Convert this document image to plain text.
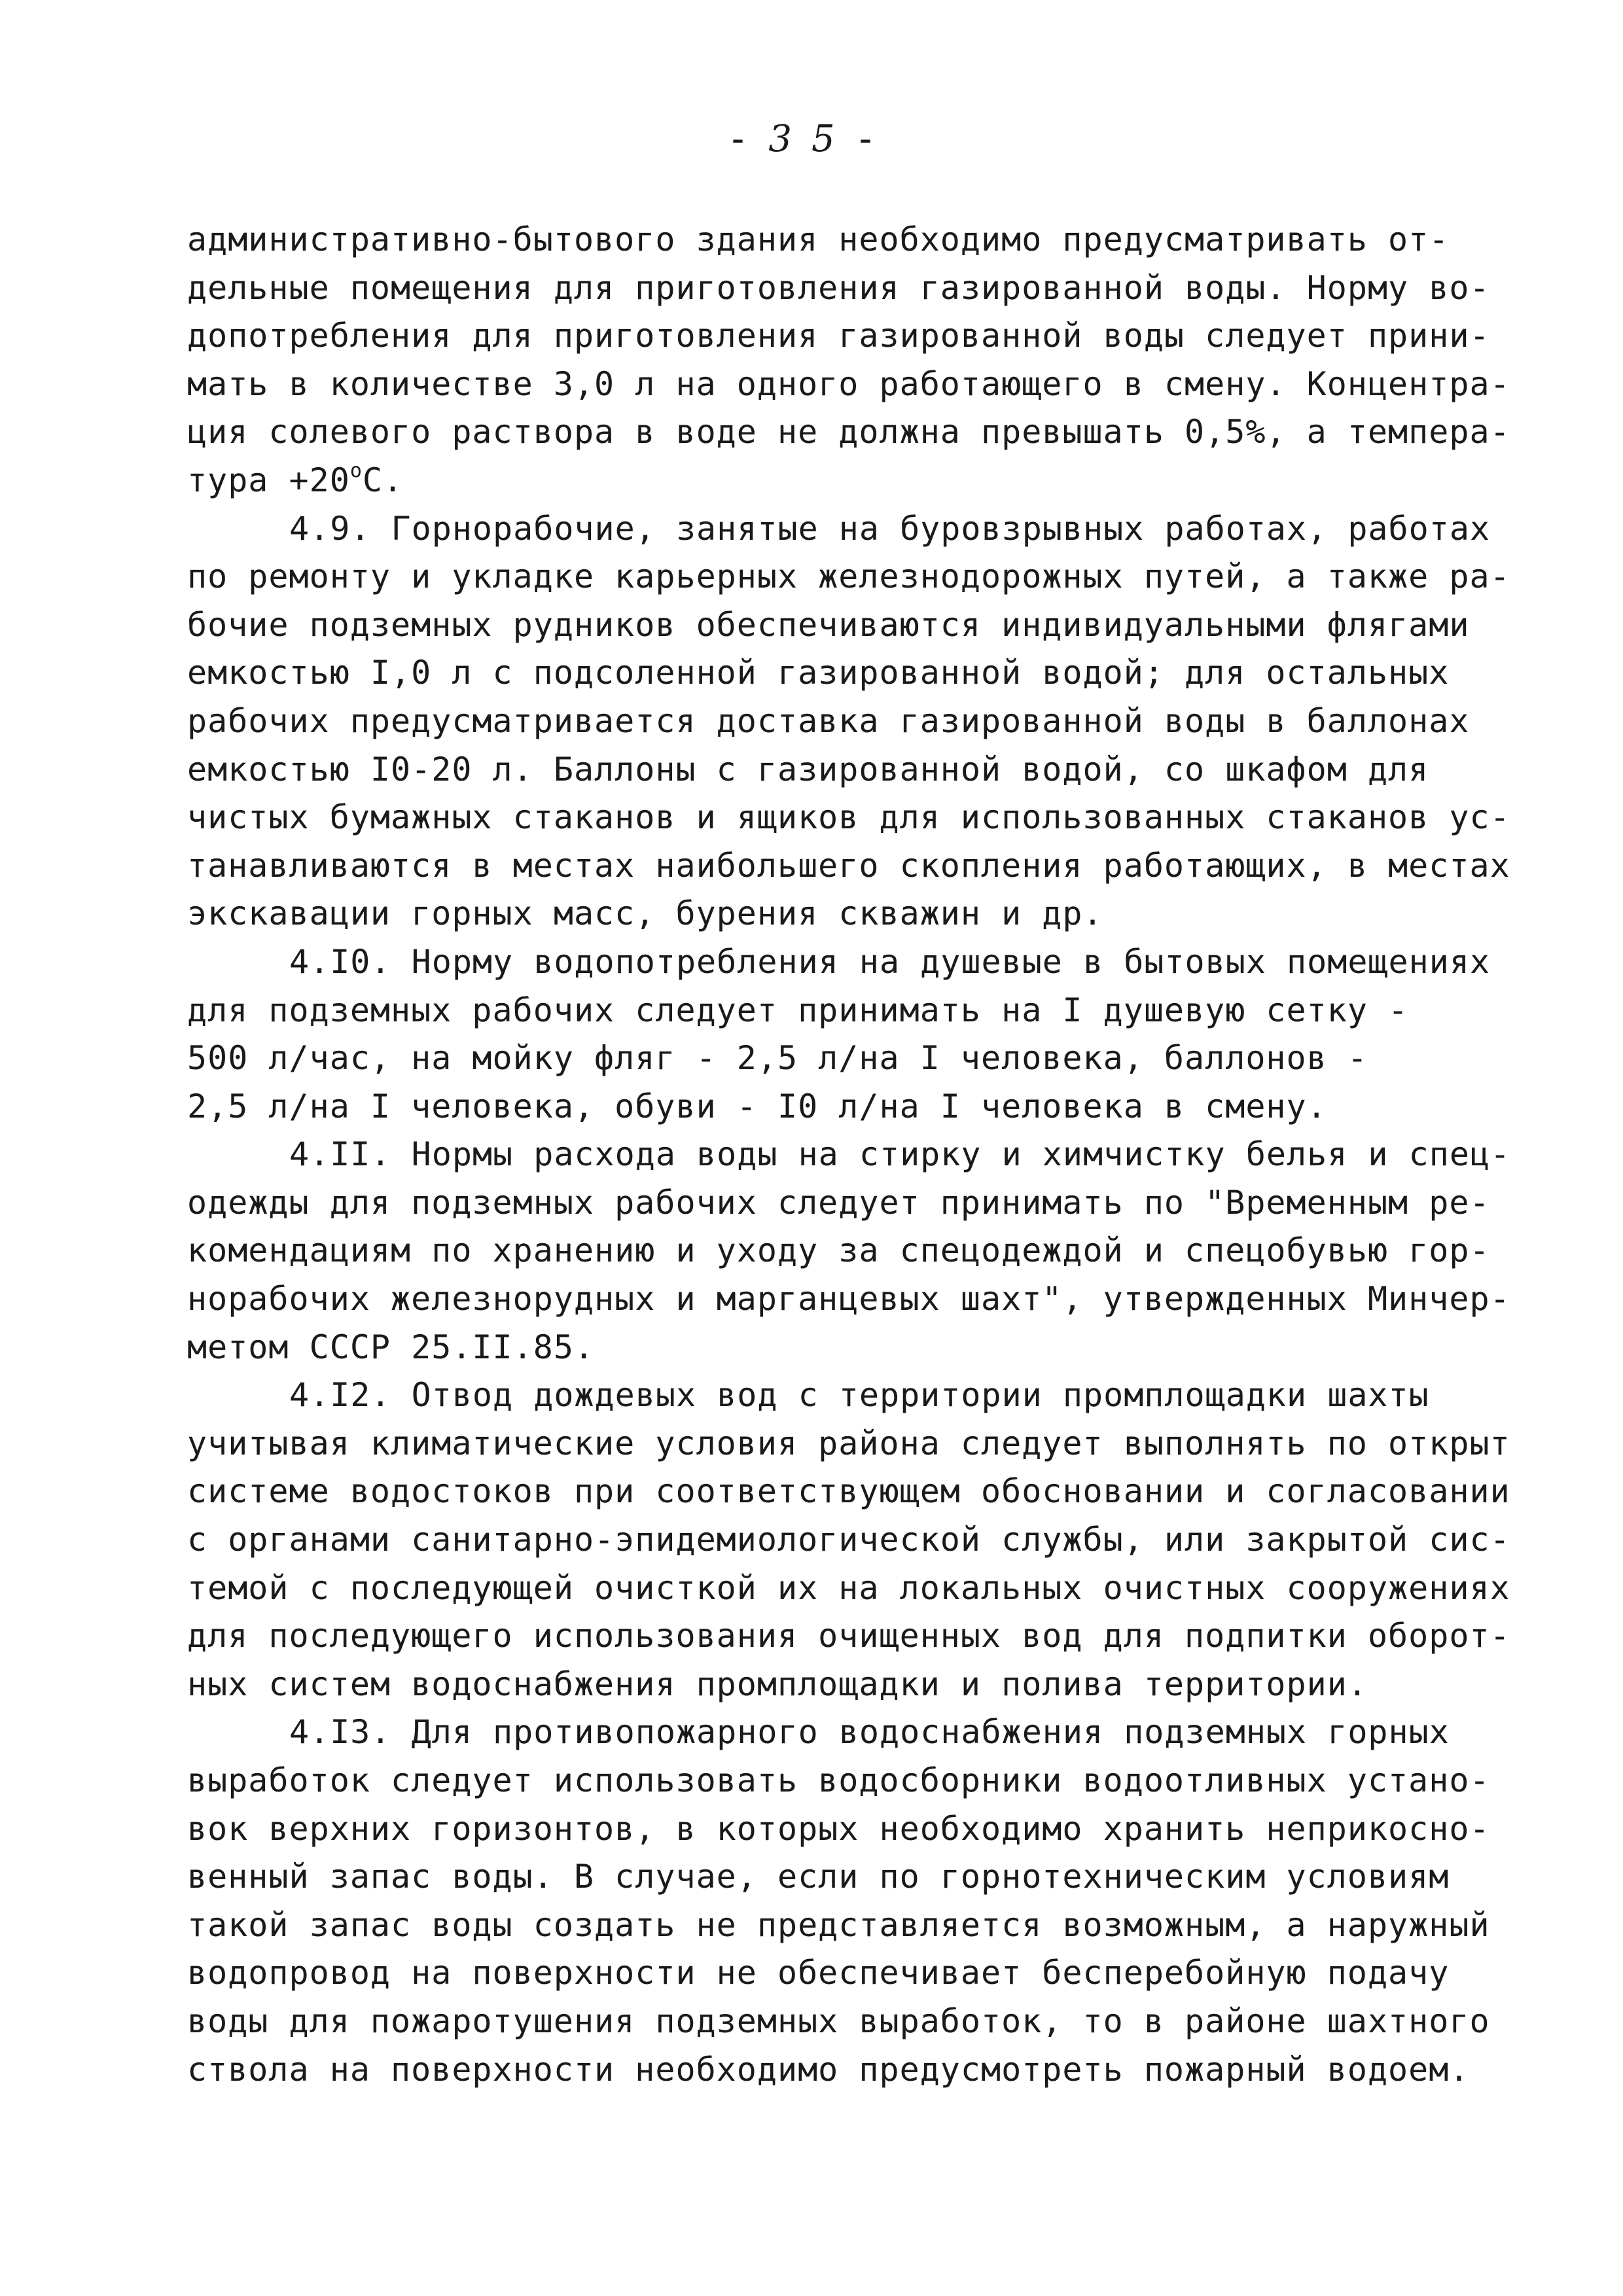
-35-
административно-бытового здания необходимо предусматривать от-
дельные помещения для приготовления газированной воды. Норму во-
допотребления для приготовления газированной воды следует прини-
мать в количестве 3,0 л на одного работающего в смену. Концентра-
ция солевого раствора в воде не должна превышать 0,5%, а темпера-
тура $+20^oС$.
4.9. Горнорабочие, занятые на буровзрывных работах, работах
по ремонту и укладке карьерных железнодорожных путей, а также ра-
бочие подземных рудников обеспечиваются индивидуальными флягами
емкостью I,0 л с подсоленной газированной водой; для остальных
рабочих предусматривается доставка газированной воды в баллонах
емкостью I0-20 л. Баллоны с газированной водой, со шкафом для
чистых бумажных стаканов и ящиков для использованных стаканов ус-
танавливаются в местах наибольшего скопления работающих, в местах
экскавации горных масс, бурения скважин и др.
4.I0. Норму водопотребления на душевые в бытовых помещениях
для подземных рабочих следует принимать на I душевую сетку -
500 л/час, на мойку фляг - 2,5 л/на I человека, баллонов -
2,5 л/на I человека, обуви - I0 л/на I человека в смену.
4.II. Нормы расхода воды на стирку и химчистку белья и спец-
одежды для подземных рабочих следует принимать по "Временным ре-
комендациям по хранению и уходу за спецодеждой и спецобувью гор-
норабочих железнорудных и марганцевых шахт", утвержденных Минчер-
метом СССР 25.II.85.
4.I2. Отвод дождевых вод с территории промплощадки шахты
учитывая климатические условия района следует выполнять по открыт
системе водостоков при соответствующем обосновании и согласовании
с органами санитарно-эпидемиологической службы, или закрытой сис-
темой с последующей очисткой их на локальных очистных сооружениях
для последующего использования очищенных вод для подпитки оборот-
ных систем водоснабжения промплощадки и полива территории.
4.I3. Для противопожарного водоснабжения подземных горных
выработок следует использовать водосборники водоотливных устано-
вок верхних горизонтов, в которых необходимо хранить неприкосно-
венный запас воды. В случае, если по горнотехническим условиям
такой запас воды создать не представляется возможным, а наружный
водопровод на поверхности не обеспечивает бесперебойную подачу
воды для пожаротушения подземных выработок, то в районе шахтного
ствола на поверхности необходимо предусмотреть пожарный водоем.
